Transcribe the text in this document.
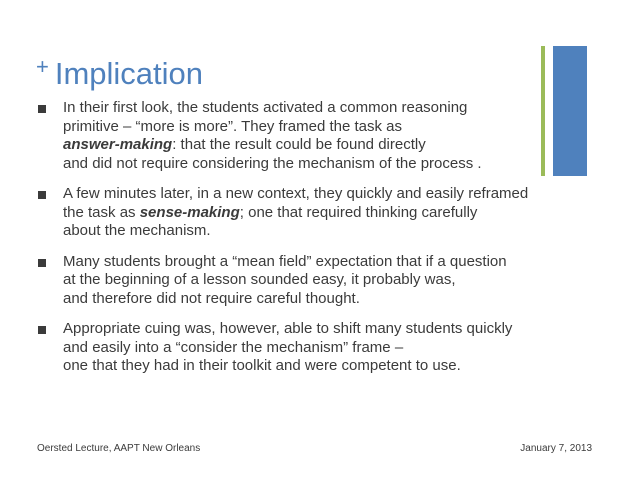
+ Implication
In their first look, the students activated a common reasoning
primitive – “more is more”. They framed the task as
answer-making: that the result could be found directly
and did not require considering the mechanism of the process .
A few minutes later, in a new context, they quickly and easily reframed
the task as sense-making; one that required thinking carefully
about the mechanism.
Many students brought a “mean field” expectation that if a question
at the beginning of a lesson sounded easy, it probably was,
and therefore did not require careful thought.
Appropriate cuing was, however, able to shift many students quickly
and easily into a “consider the mechanism” frame –
one that they had in their toolkit and were competent to use.
Oersted Lecture, AAPT New Orleans	January 7, 2013
